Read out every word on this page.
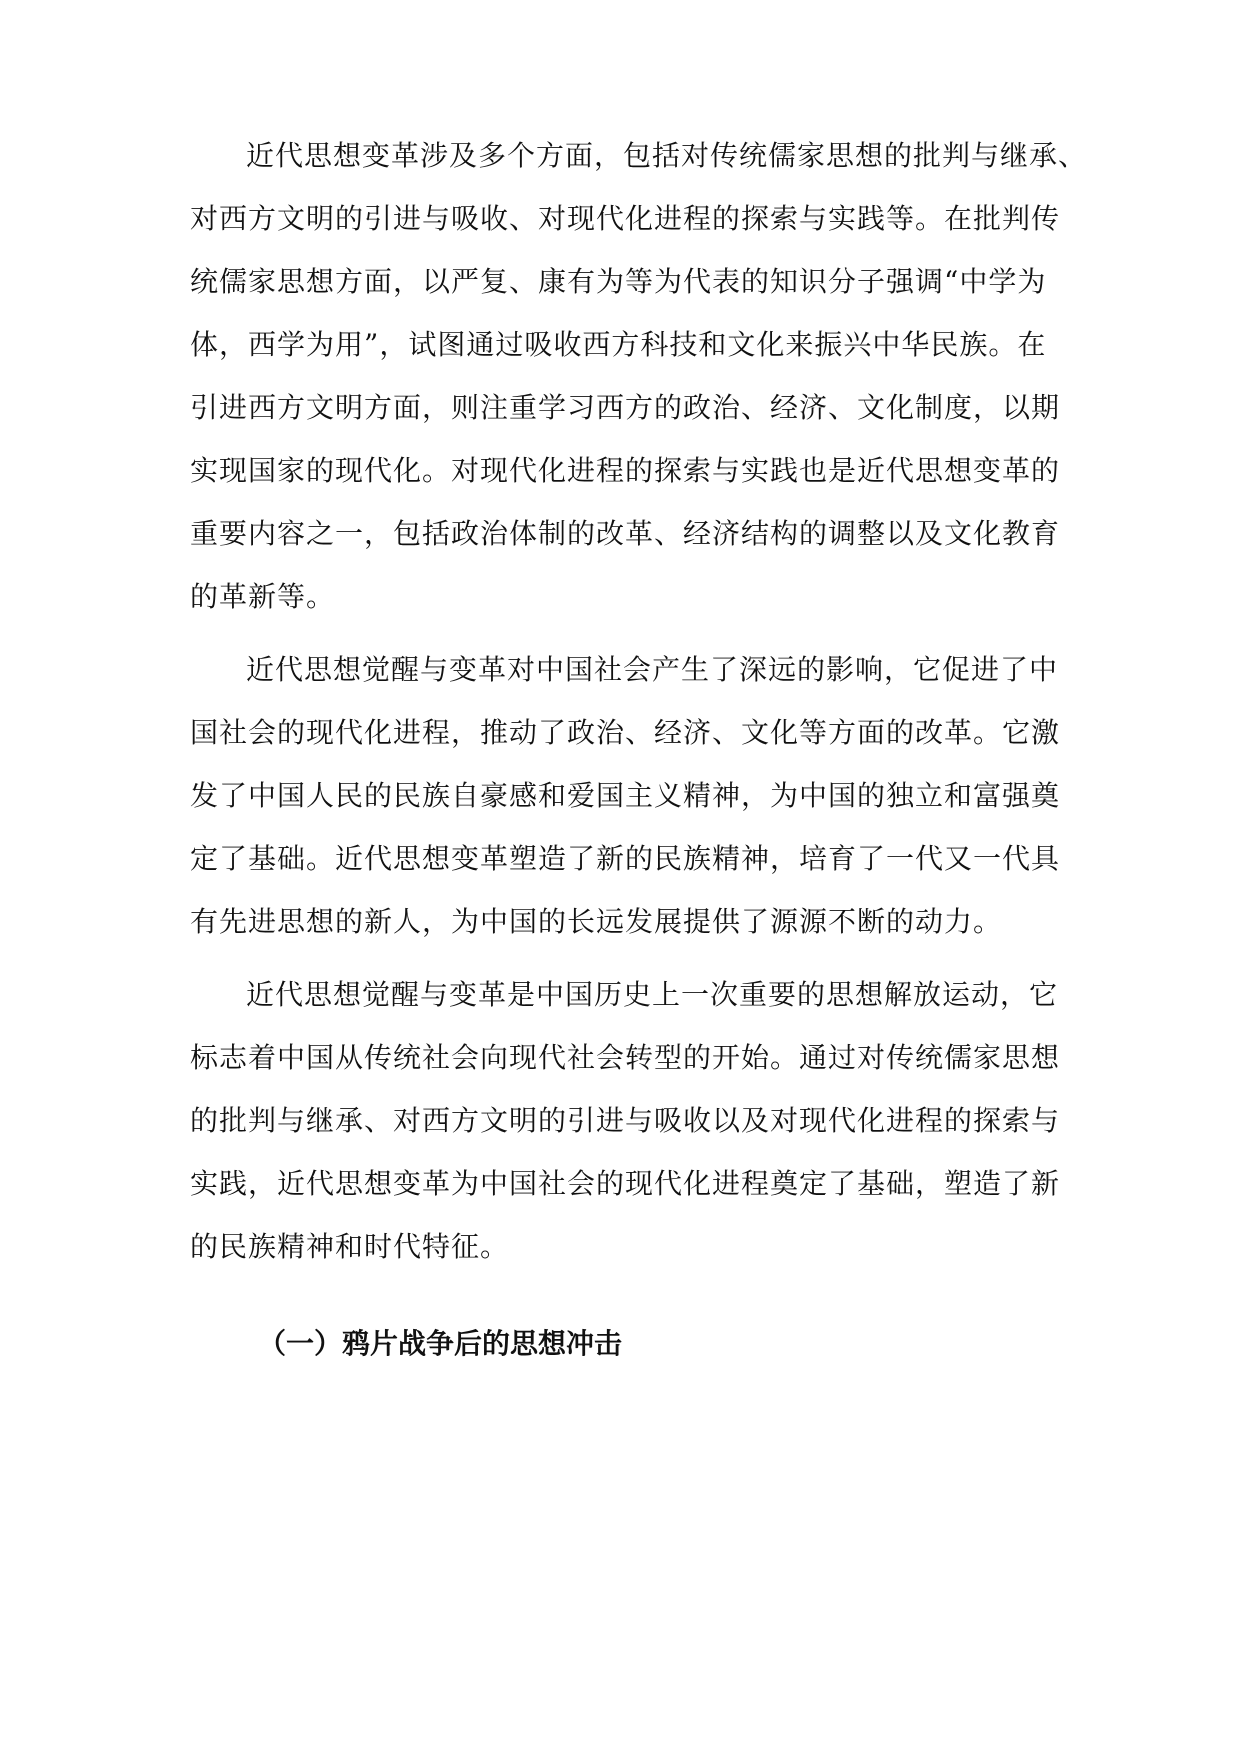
近代思想变革涉及多个方面，包括对传统儒家思想的批判与继承、
对西方文明的引进与吸收、对现代化进程的探索与实践等。在批判传
统儒家思想方面，以严复、康有为等为代表的知识分子强调“中学为
体，西学为用”，试图通过吸收西方科技和文化来振兴中华民族。在
引进西方文明方面，则注重学习西方的政治、经济、文化制度，以期
实现国家的现代化。对现代化进程的探索与实践也是近代思想变革的
重要内容之一，包括政治体制的改革、经济结构的调整以及文化教育
的革新等。
近代思想觉醒与变革对中国社会产生了深远的影响，它促进了中
国社会的现代化进程，推动了政治、经济、文化等方面的改革。它激
发了中国人民的民族自豪感和爱国主义精神，为中国的独立和富强奠
定了基础。近代思想变革塑造了新的民族精神，培育了一代又一代具
有先进思想的新人，为中国的长远发展提供了源源不断的动力。
近代思想觉醒与变革是中国历史上一次重要的思想解放运动，它
标志着中国从传统社会向现代社会转型的开始。通过对传统儒家思想
的批判与继承、对西方文明的引进与吸收以及对现代化进程的探索与
实践，近代思想变革为中国社会的现代化进程奠定了基础，塑造了新
的民族精神和时代特征。
（一）鸦片战争后的思想冲击
